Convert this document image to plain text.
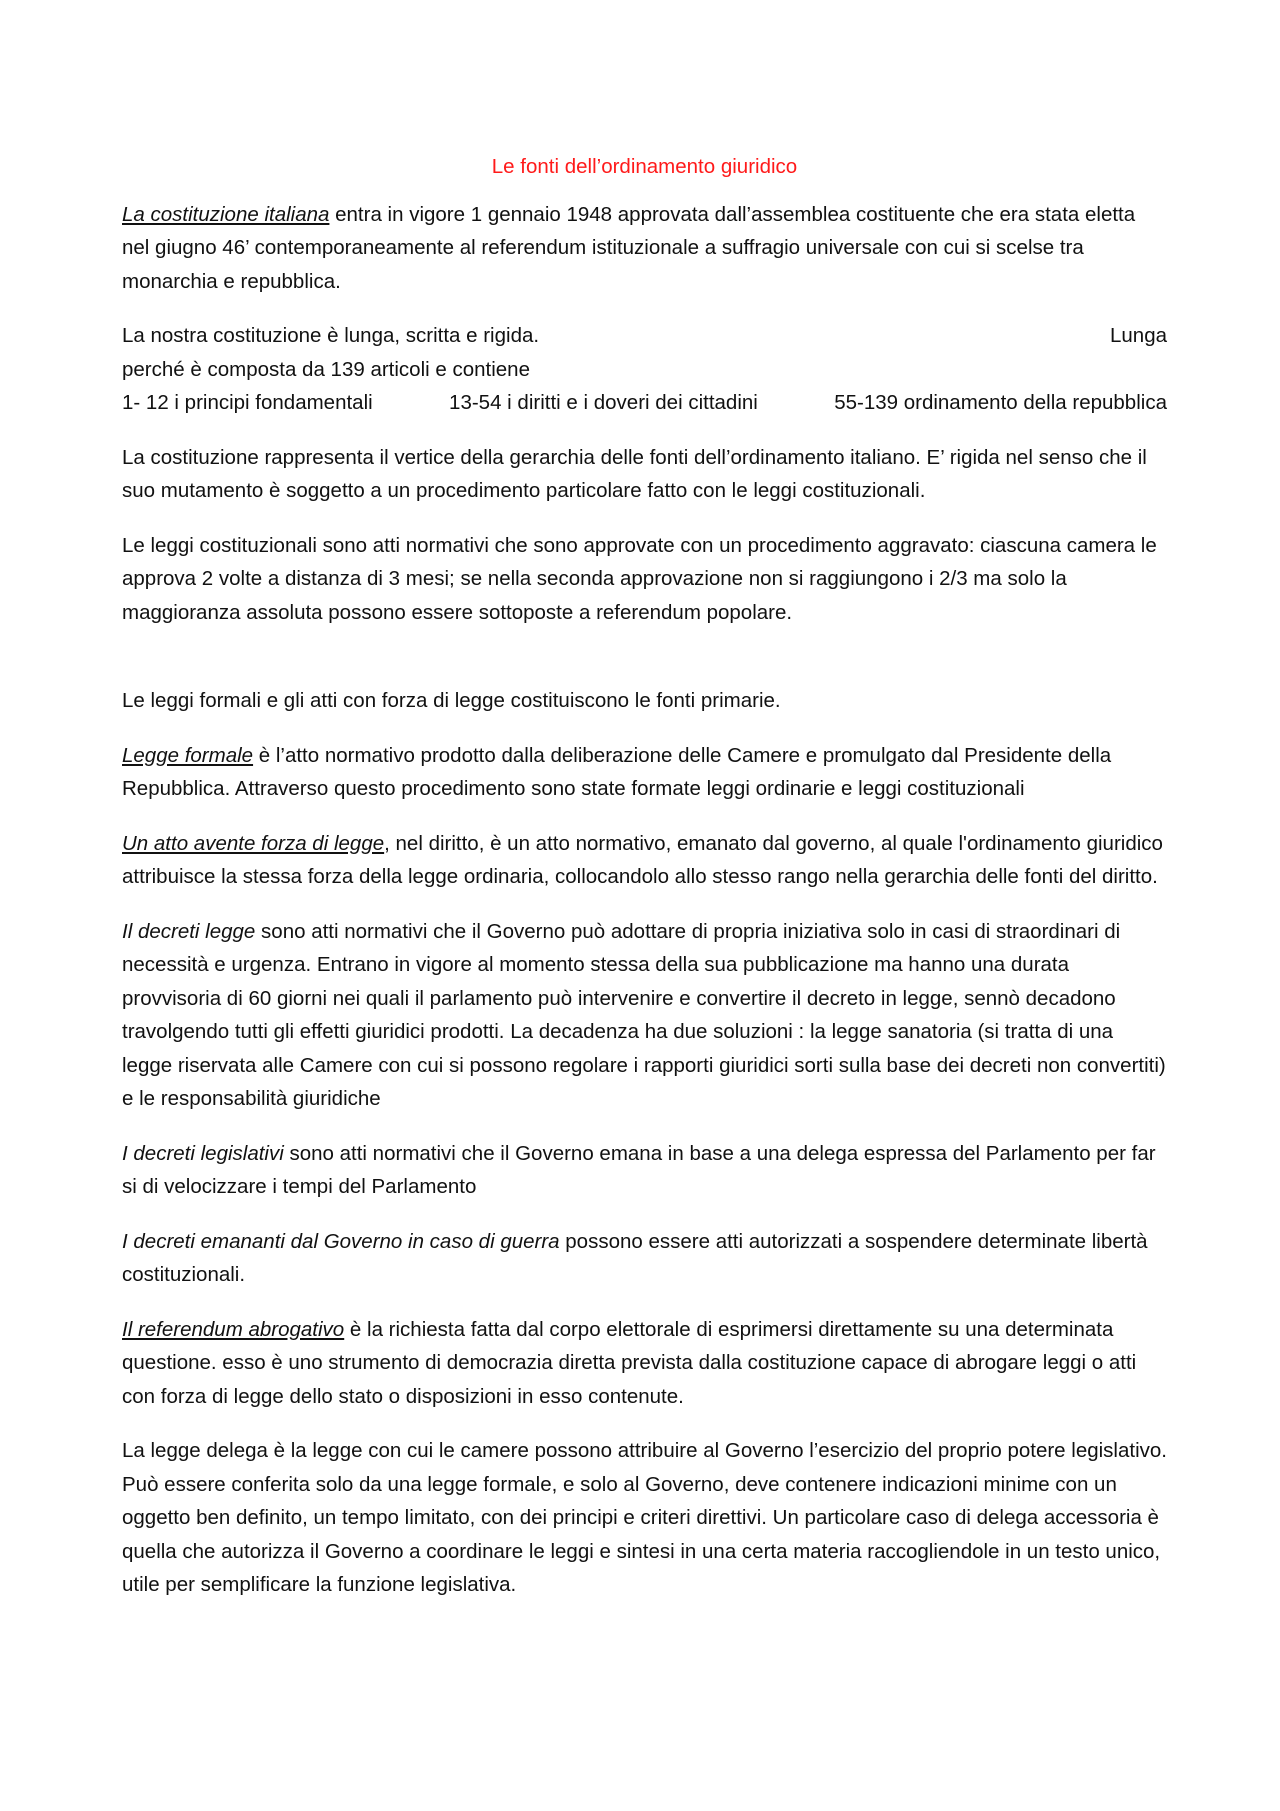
Le fonti dell’ordinamento giuridico

La costituzione italiana entra in vigore 1 gennaio 1948 approvata dall’assemblea costituente che era stata eletta nel giugno 46’ contemporaneamente al referendum istituzionale a suffragio universale con cui si scelse tra monarchia e repubblica.

La nostra costituzione è lunga, scritta e rigida.	Lunga
perché è composta da 139 articoli e contiene
1- 12 i principi fondamentali	13-54 i diritti e i doveri dei cittadini	55-139 ordinamento della repubblica

La costituzione rappresenta il vertice della gerarchia delle fonti dell’ordinamento italiano. E’ rigida nel senso che il suo mutamento è soggetto a un procedimento particolare fatto con le leggi costituzionali.

Le leggi costituzionali sono atti normativi che sono approvate con un procedimento aggravato: ciascuna camera le approva 2 volte a distanza di 3 mesi; se nella seconda approvazione non si raggiungono i 2/3 ma solo la maggioranza assoluta possono essere sottoposte a referendum popolare.

Le leggi formali e gli atti con forza di legge costituiscono le fonti primarie.

Legge formale è l’atto normativo prodotto dalla deliberazione delle Camere e promulgato dal Presidente della Repubblica. Attraverso questo procedimento sono state formate leggi ordinarie e leggi costituzionali

Un atto avente forza di legge, nel diritto, è un atto normativo, emanato dal governo, al quale l'ordinamento giuridico attribuisce la stessa forza della legge ordinaria, collocandolo allo stesso rango nella gerarchia delle fonti del diritto.

Il decreti legge sono atti normativi che il Governo può adottare di propria iniziativa solo in casi di straordinari di necessità e urgenza. Entrano in vigore al momento stessa della sua pubblicazione ma hanno una durata provvisoria di 60 giorni nei quali il parlamento può intervenire e convertire il decreto in legge, sennò decadono travolgendo tutti gli effetti giuridici prodotti. La decadenza ha due soluzioni : la legge sanatoria (si tratta di una legge riservata alle Camere con cui si possono regolare i rapporti giuridici sorti sulla base dei decreti non convertiti) e le responsabilità giuridiche

I decreti legislativi sono atti normativi che il Governo emana in base a una delega espressa del Parlamento per far si di velocizzare i tempi del Parlamento

I decreti emananti dal Governo in caso di guerra possono essere atti autorizzati a sospendere determinate libertà costituzionali.

Il referendum abrogativo è la richiesta fatta dal corpo elettorale di esprimersi direttamente su una determinata questione. esso è uno strumento di democrazia diretta prevista dalla costituzione capace di abrogare leggi o atti con forza di legge dello stato o disposizioni in esso contenute.

La legge delega è la legge con cui le camere possono attribuire al Governo l’esercizio del proprio potere legislativo. Può essere conferita solo da una legge formale, e solo al Governo, deve contenere indicazioni minime con un oggetto ben definito, un tempo limitato, con dei principi e criteri direttivi. Un particolare caso di delega accessoria è quella che autorizza il Governo a coordinare le leggi e sintesi in una certa materia raccogliendole in un testo unico, utile per semplificare la funzione legislativa.
